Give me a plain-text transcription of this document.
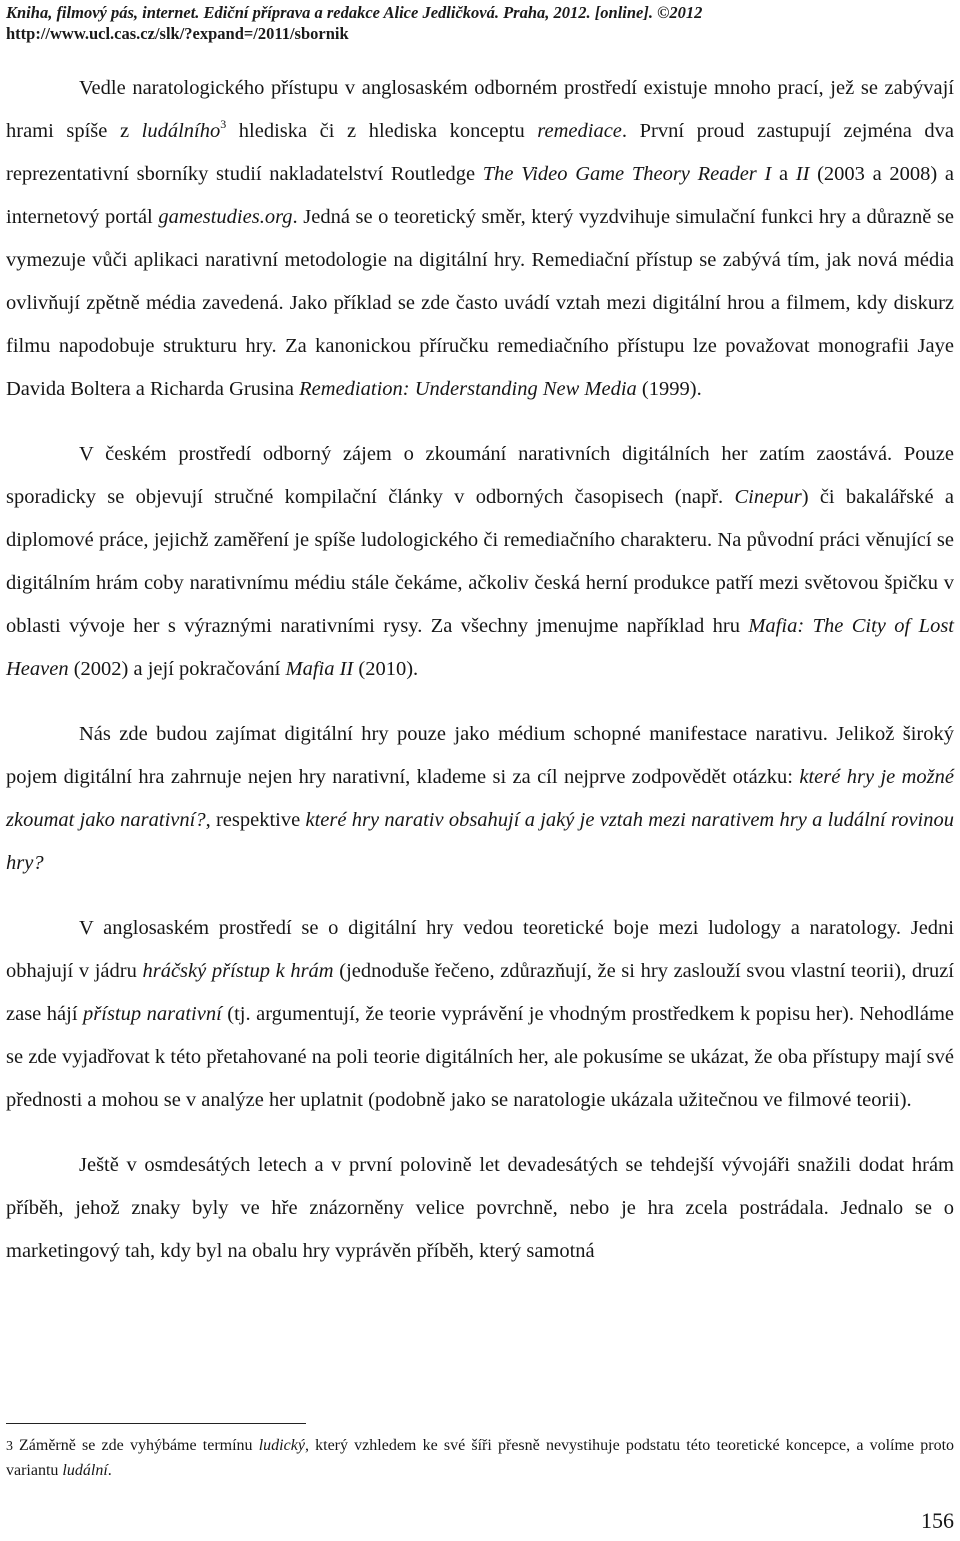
Kniha, filmový pás, internet. Ediční příprava a redakce Alice Jedličková. Praha, 2012. [online]. ©2012
http://www.ucl.cas.cz/slk/?expand=/2011/sbornik

Vedle naratologického přístupu v anglosaském odborném prostředí existuje mnoho prací, jež se zabývají hrami spíše z ludálního$^3$ hlediska či z hlediska konceptu remediace. První proud zastupují zejména dva reprezentativní sborníky studií nakladatelství Routledge The Video Game Theory Reader I a II (2003 a 2008) a internetový portál gamestudies.org. Jedná se o teoretický směr, který vyzdvihuje simulační funkci hry a důrazně se vymezuje vůči aplikaci narativní metodologie na digitální hry. Remediační přístup se zabývá tím, jak nová média ovlivňují zpětně média zavedená. Jako příklad se zde často uvádí vztah mezi digitální hrou a filmem, kdy diskurz filmu napodobuje strukturu hry. Za kanonickou příručku remediačního přístupu lze považovat monografii Jaye Davida Boltera a Richarda Grusina Remediation: Understanding New Media (1999).

V českém prostředí odborný zájem o zkoumání narativních digitálních her zatím zaostává. Pouze sporadicky se objevují stručné kompilační články v odborných časopisech (např. Cinepur) či bakalářské a diplomové práce, jejichž zaměření je spíše ludologického či remediačního charakteru. Na původní práci věnující se digitálním hrám coby narativnímu médiu stále čekáme, ačkoliv česká herní produkce patří mezi světovou špičku v oblasti vývoje her s výraznými narativními rysy. Za všechny jmenujme například hru Mafia: The City of Lost Heaven (2002) a její pokračování Mafia II (2010).

Nás zde budou zajímat digitální hry pouze jako médium schopné manifestace narativu. Jelikož široký pojem digitální hra zahrnuje nejen hry narativní, klademe si za cíl nejprve zodpovědět otázku: které hry je možné zkoumat jako narativní?, respektive které hry narativ obsahují a jaký je vztah mezi narativem hry a ludální rovinou hry?

V anglosaském prostředí se o digitální hry vedou teoretické boje mezi ludology a naratology. Jedni obhajují v jádru hráčský přístup k hrám (jednoduše řečeno, zdůrazňují, že si hry zaslouží svou vlastní teorii), druzí zase hájí přístup narativní (tj. argumentují, že teorie vyprávění je vhodným prostředkem k popisu her). Nehodláme se zde vyjadřovat k této přetahované na poli teorie digitálních her, ale pokusíme se ukázat, že oba přístupy mají své přednosti a mohou se v analýze her uplatnit (podobně jako se naratologie ukázala užitečnou ve filmové teorii).

Ještě v osmdesátých letech a v první polovině let devadesátých se tehdejší vývojáři snažili dodat hrám příběh, jehož znaky byly ve hře znázorněny velice povrchně, nebo je hra zcela postrádala. Jednalo se o marketingový tah, kdy byl na obalu hry vyprávěn příběh, který samotná

3 Záměrně se zde vyhýbáme termínu ludický, který vzhledem ke své šíři přesně nevystihuje podstatu této teoretické koncepce, a volíme proto variantu ludální.
156
